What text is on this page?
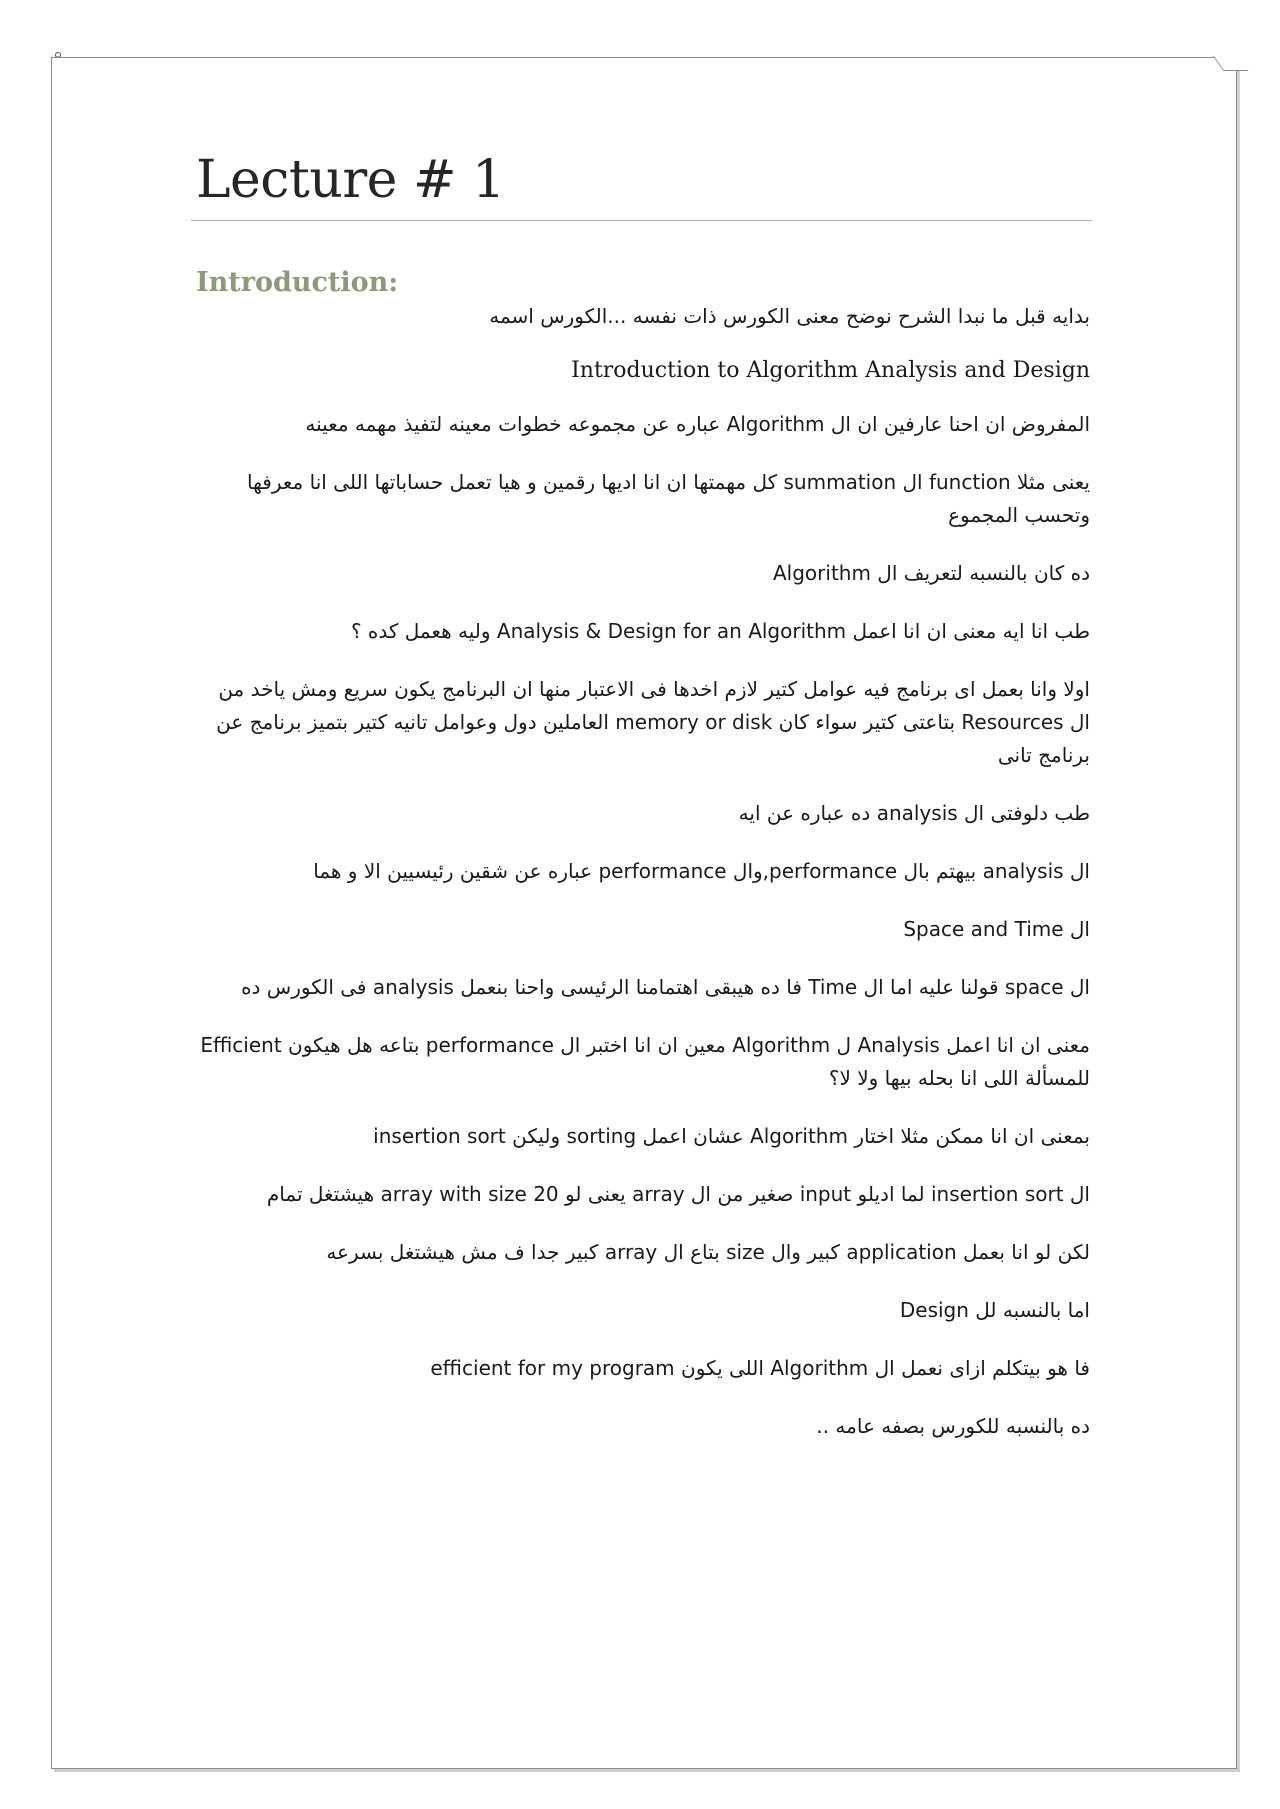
Lecture # 1
Introduction:

بدايه قبل ما نبدا الشرح نوضح معنى الكورس ذات نفسه ...الكورس اسمه

Introduction to Algorithm Analysis and Design

المفروض ان احنا عارفين ان ال Algorithm عباره عن مجموعه خطوات معينه لتفيذ مهمه معينه

يعنى مثلا function ال summation كل مهمتها ان انا اديها رقمين و هيا تعمل حساباتها اللى انا معرفها وتحسب المجموع

ده كان بالنسبه لتعريف ال Algorithm

طب انا ايه معنى ان انا اعمل Analysis & Design for an Algorithm وليه هعمل كده ؟

اولا وانا بعمل اى برنامج فيه عوامل كتير لازم اخدها فى الاعتبار منها ان البرنامج يكون سريع ومش ياخد من ال Resources بتاعتى كتير سواء كان memory or disk العاملين دول وعوامل تانيه كتير بتميز برنامج عن برنامج تانى

طب دلوفتى ال analysis ده عباره عن ايه

ال analysis بيهتم بال performance,وال performance عباره عن شقين رئيسيين الا و هما

ال Space and Time

ال space قولنا عليه اما ال Time فا ده هيبقى اهتمامنا الرئيسى واحنا بنعمل analysis فى الكورس ده

معنى ان انا اعمل Analysis ل Algorithm معين ان انا اختبر ال performance بتاعه هل هيكون Efficient للمسألة اللى انا بحله بيها ولا لا؟

بمعنى ان انا ممكن مثلا اختار Algorithm عشان اعمل sorting وليكن insertion sort

ال insertion sort لما اديلو input صغير من ال array يعنى لو array with size 20 هيشتغل تمام

لكن لو انا بعمل application كبير وال size بتاع ال array كبير جدا ف مش هيشتغل بسرعه

اما بالنسبه لل Design

فا هو بيتكلم ازاى نعمل ال Algorithm اللى يكون efficient for my program

ده بالنسبه للكورس بصفه عامه ..
